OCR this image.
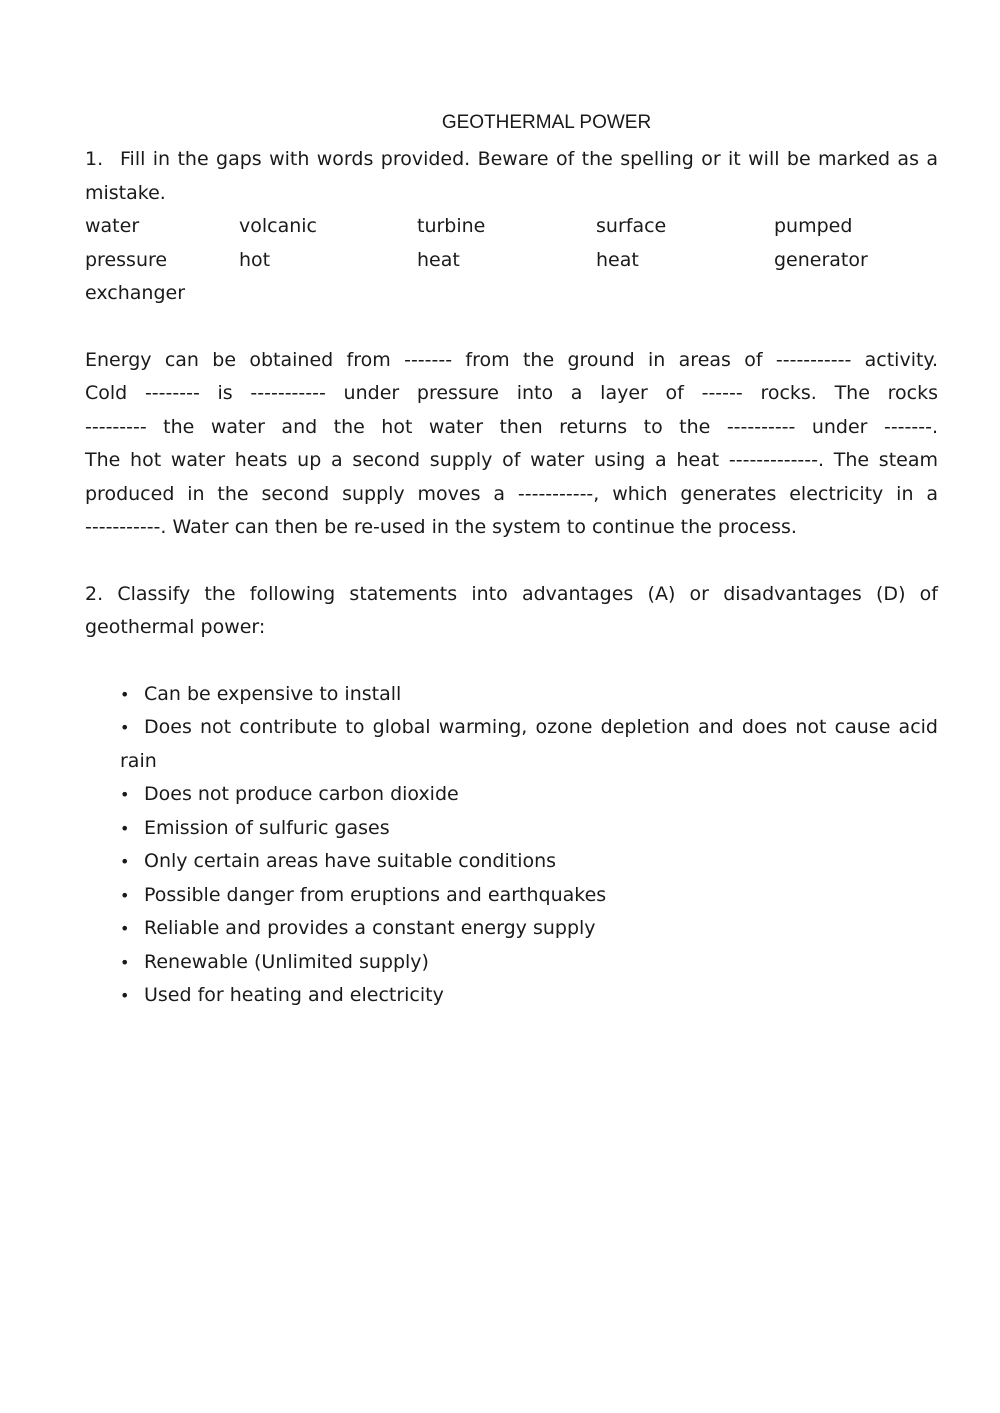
GEOTHERMAL POWER
1. Fill in the gaps with words provided. Beware of the spelling or it will be marked as a
mistake.
water	volcanic	turbine	surface	pumped
pressure	hot	heat	heat	generator
exchanger
Energy can be obtained from ------- from the ground in areas of ----------- activity.
Cold -------- is ----------- under pressure into a layer of ------ rocks. The rocks
--------- the water and the hot water then returns to the ---------- under -------.
The hot water heats up a second supply of water using a heat -------------. The steam
produced in the second supply moves a -----------, which generates electricity in a
-----------. Water can then be re-used in the system to continue the process.
2. Classify the following statements into advantages (A) or disadvantages (D) of
geothermal power:
• Can be expensive to install
• Does not contribute to global warming, ozone depletion and does not cause acid
rain
• Does not produce carbon dioxide
• Emission of sulfuric gases
• Only certain areas have suitable conditions
• Possible danger from eruptions and earthquakes
• Reliable and provides a constant energy supply
• Renewable (Unlimited supply)
• Used for heating and electricity
